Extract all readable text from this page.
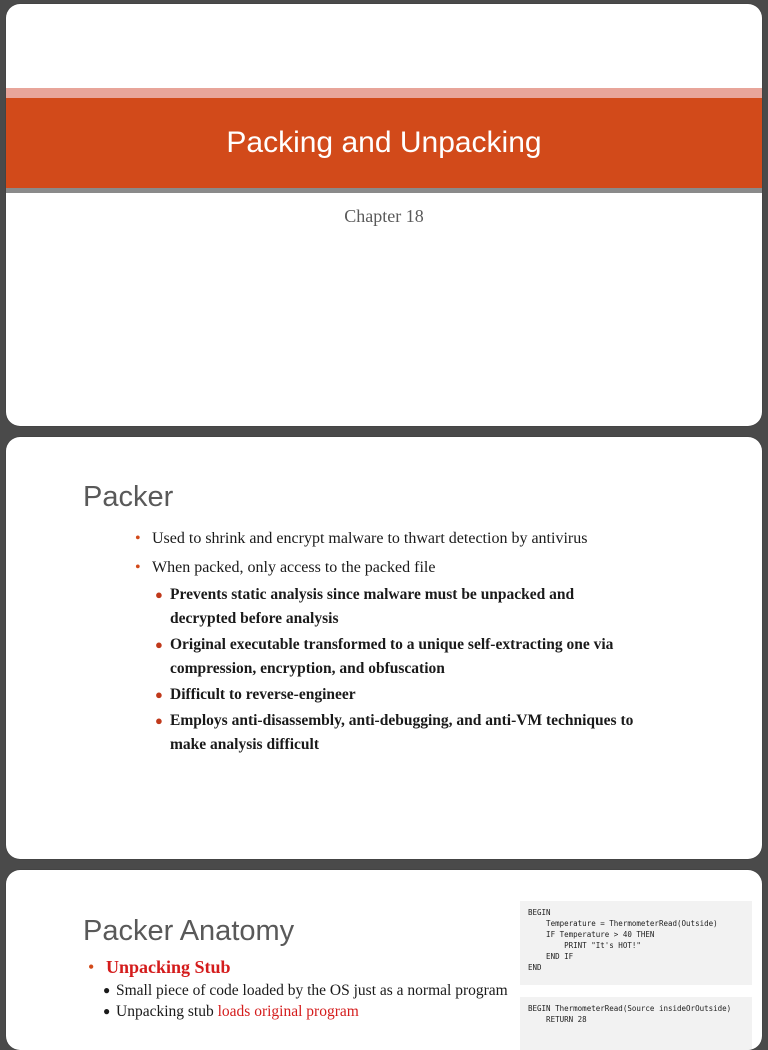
Packing and Unpacking
Chapter 18
Packer
• Used to shrink and encrypt malware to thwart detection by antivirus
• When packed, only access to the packed file
● Prevents static analysis since malware must be unpacked and decrypted before analysis
● Original executable transformed to a unique self-extracting one via compression, encryption, and obfuscation
● Difficult to reverse-engineer
● Employs anti-disassembly, anti-debugging, and anti-VM techniques to make analysis difficult
Packer Anatomy
• Unpacking Stub
● Small piece of code loaded by the OS just as a normal program
● Unpacking stub loads original program
BEGIN
Temperature = ThermometerRead(Outside)
IF Temperature > 40 THEN
PRINT "It's HOT!"
END IF
END
BEGIN ThermometerRead(Source insideOrOutside)
RETURN 28
